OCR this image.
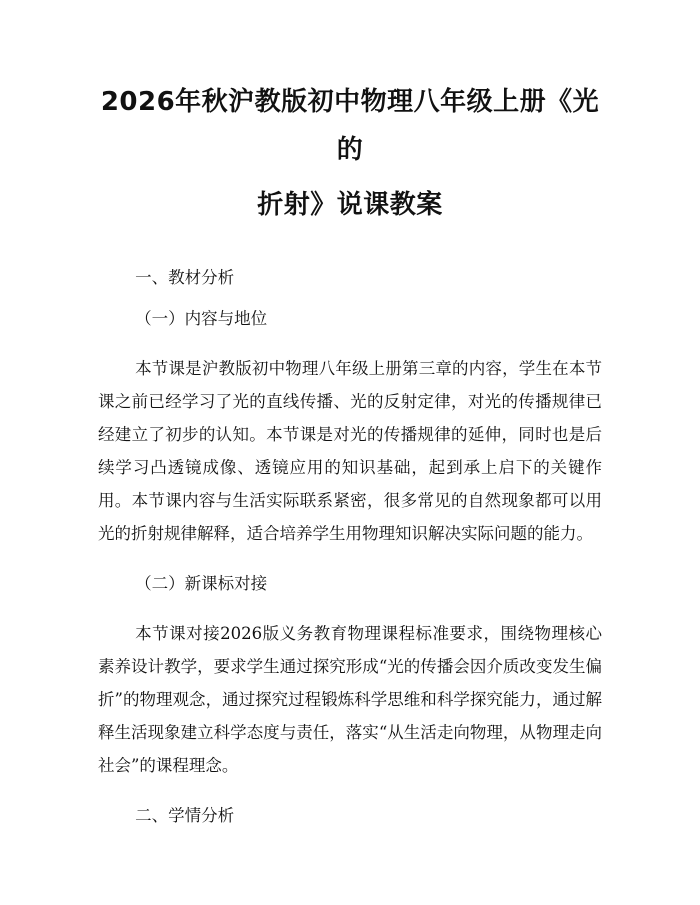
2026年秋沪教版初中物理八年级上册《光的
折射》说课教案

一、教材分析

（一）内容与地位

本节课是沪教版初中物理八年级上册第三章的内容，学生在本节课之前已经学习了光的直线传播、光的反射定律，对光的传播规律已经建立了初步的认知。本节课是对光的传播规律的延伸，同时也是后续学习凸透镜成像、透镜应用的知识基础，起到承上启下的关键作用。本节课内容与生活实际联系紧密，很多常见的自然现象都可以用光的折射规律解释，适合培养学生用物理知识解决实际问题的能力。

（二）新课标对接

本节课对接2026版义务教育物理课程标准要求，围绕物理核心素养设计教学，要求学生通过探究形成“光的传播会因介质改变发生偏折”的物理观念，通过探究过程锻炼科学思维和科学探究能力，通过解释生活现象建立科学态度与责任，落实“从生活走向物理，从物理走向社会”的课程理念。

二、学情分析
